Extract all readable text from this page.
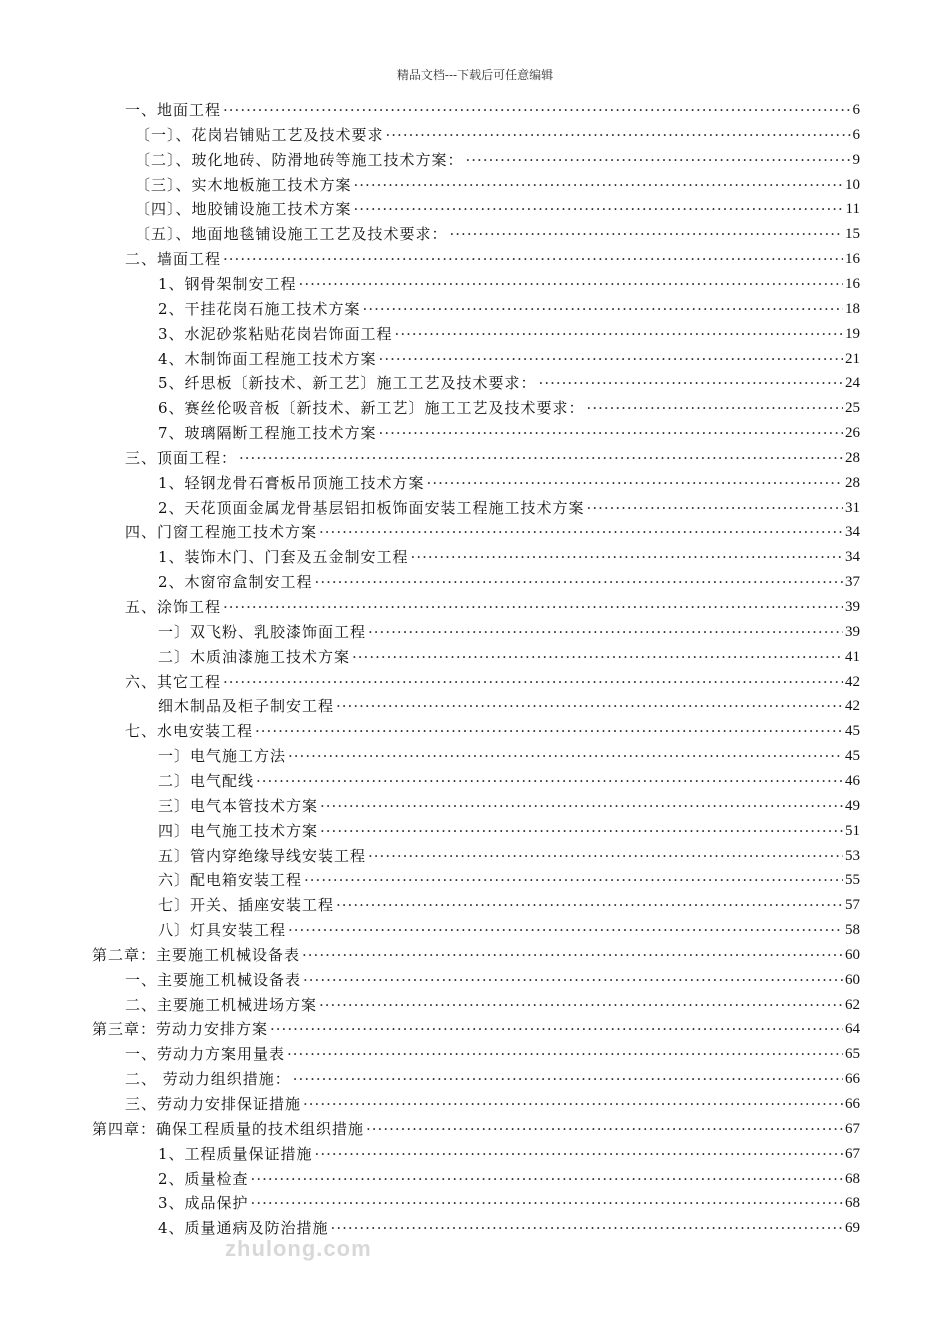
精品文档---下载后可任意编辑
一、地面工程 ·····	6
〔一〕、花岗岩铺贴工艺及技术要求 ·····	6
〔二〕、玻化地砖、防滑地砖等施工技术方案： ·····	9
〔三〕、实木地板施工技术方案 ·····	10
〔四〕、地胶铺设施工技术方案 ·····	11
〔五〕、地面地毯铺设施工工艺及技术要求： ·····	15
二、墙面工程 ·····	16
1、钢骨架制安工程 ·····	16
2、干挂花岗石施工技术方案 ·····	18
3、水泥砂浆粘贴花岗岩饰面工程 ·····	19
4、木制饰面工程施工技术方案 ·····	21
5、纤思板〔新技术、新工艺〕施工工艺及技术要求： ·····	24
6、赛丝伦吸音板〔新技术、新工艺〕施工工艺及技术要求： ·····	25
7、玻璃隔断工程施工技术方案 ·····	26
三、顶面工程： ·····	28
1、轻钢龙骨石膏板吊顶施工技术方案 ·····	28
2、天花顶面金属龙骨基层铝扣板饰面安装工程施工技术方案 ·····	31
四、门窗工程施工技术方案 ·····	34
1、装饰木门、门套及五金制安工程 ·····	34
2、木窗帘盒制安工程 ·····	37
五、涂饰工程 ·····	39
一〕双飞粉、乳胶漆饰面工程 ·····	39
二〕木质油漆施工技术方案 ·····	41
六、其它工程 ·····	42
细木制品及柜子制安工程 ·····	42
七、水电安装工程 ·····	45
一〕电气施工方法 ·····	45
二〕电气配线 ·····	46
三〕电气本管技术方案 ·····	49
四〕电气施工技术方案 ·····	51
五〕管内穿绝缘导线安装工程 ·····	53
六〕配电箱安装工程 ·····	55
七〕开关、插座安装工程 ·····	57
八〕灯具安装工程 ·····	58
第二章：主要施工机械设备表 ·····	60
一、主要施工机械设备表 ·····	60
二、主要施工机械进场方案 ·····	62
第三章：劳动力安排方案 ·····	64
一、劳动力方案用量表 ·····	65
二、 劳动力组织措施： ·····	66
三、劳动力安排保证措施 ·····	66
第四章：确保工程质量的技术组织措施 ·····	67
1、工程质量保证措施 ·····	67
2、质量检查 ·····	68
3、成品保护 ·····	68
4、质量通病及防治措施 ·····	69
zhulong.com
